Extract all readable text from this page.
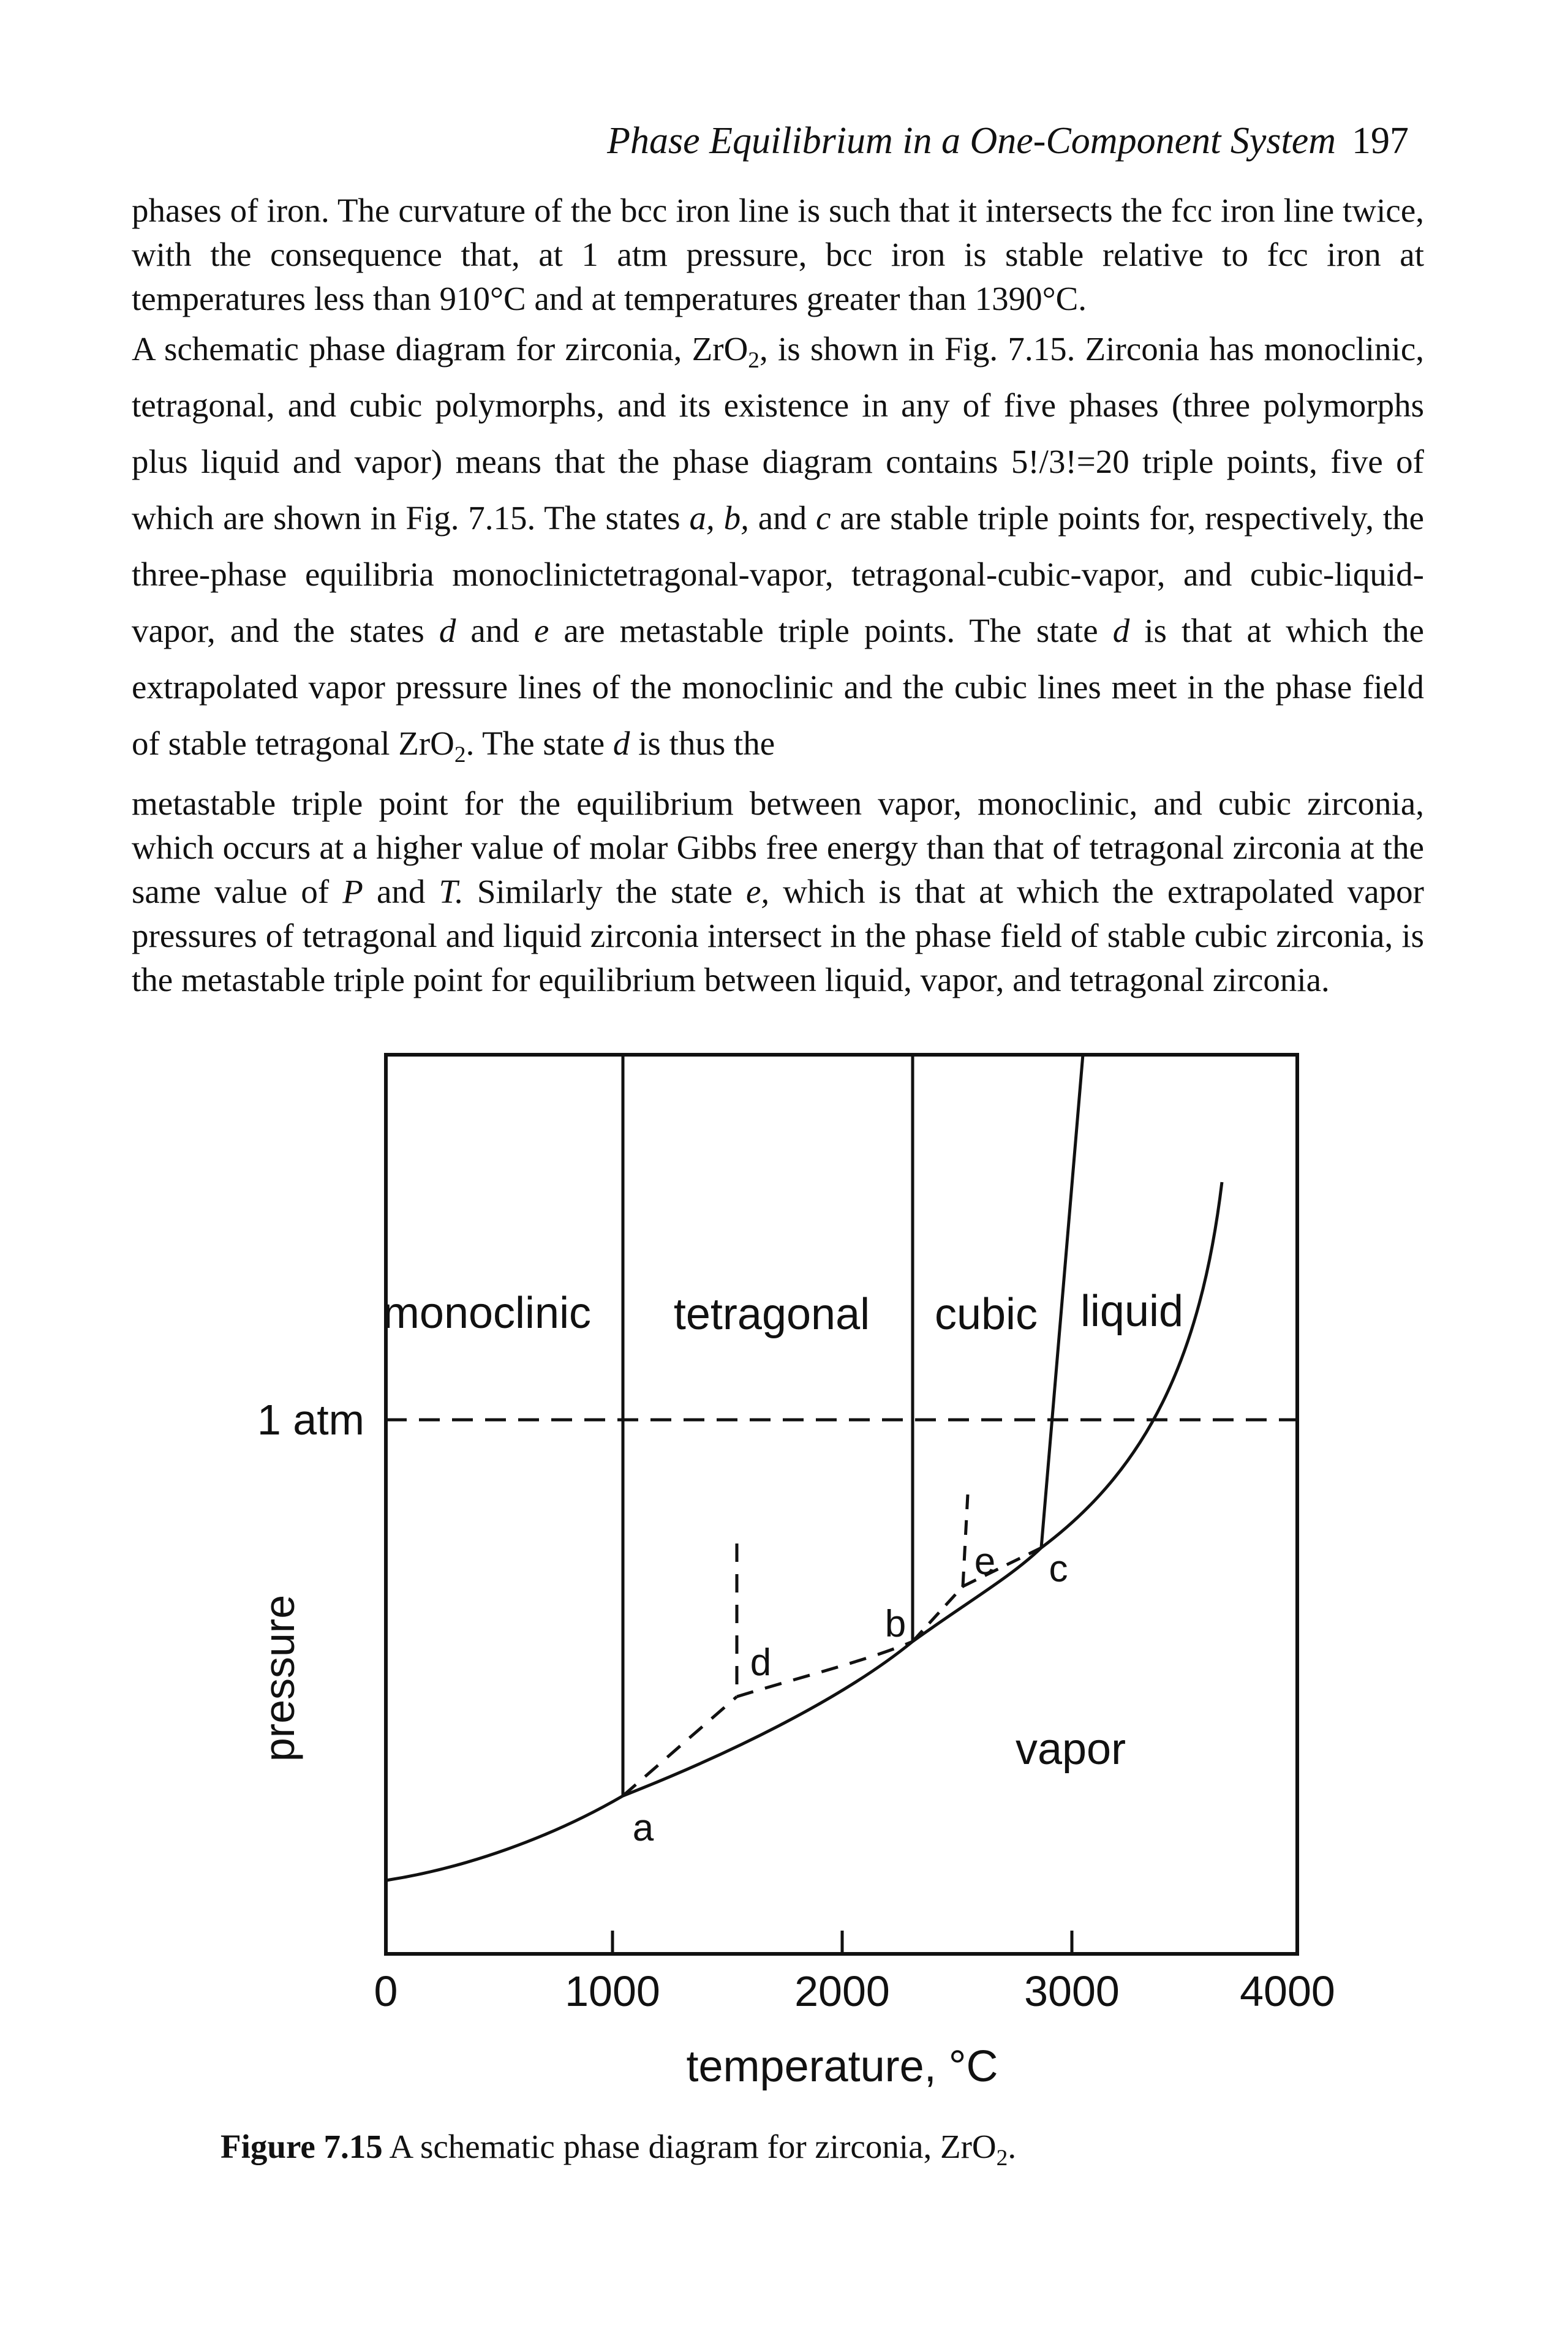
Phase Equilibrium in a One-Component System 197

phases of iron. The curvature of the bcc iron line is such that it intersects the fcc iron line twice, with the consequence that, at 1 atm pressure, bcc iron is stable relative to fcc iron at temperatures less than 910°C and at temperatures greater than 1390°C.

A schematic phase diagram for zirconia, ZrO$_2$, is shown in Fig. 7.15. Zirconia has monoclinic, tetragonal, and cubic polymorphs, and its existence in any of five phases (three polymorphs plus liquid and vapor) means that the phase diagram contains 5!/3!=20 triple points, five of which are shown in Fig. 7.15. The states a, b, and c are stable triple points for, respectively, the three-phase equilibria monoclinictetragonal-vapor, tetragonal-cubic-vapor, and cubic-liquid-vapor, and the states d and e are metastable triple points. The state d is that at which the extrapolated vapor pressure lines of the monoclinic and the cubic lines meet in the phase field of stable tetragonal ZrO$_2$. The state d is thus the

metastable triple point for the equilibrium between vapor, monoclinic, and cubic zirconia, which occurs at a higher value of molar Gibbs free energy than that of tetragonal zirconia at the same value of P and T. Similarly the state e, which is that at which the extrapolated vapor pressures of tetragonal and liquid zirconia intersect in the phase field of stable cubic zirconia, is the metastable triple point for equilibrium between liquid, vapor, and tetragonal zirconia.

monoclinic tetragonal cubic liquid
vapor
a
b
c
d
e
1 atm
pressure
temperature, °C
0	1000	2000	3000	4000
Figure 7.15 A schematic phase diagram for zirconia, ZrO$_2$.
